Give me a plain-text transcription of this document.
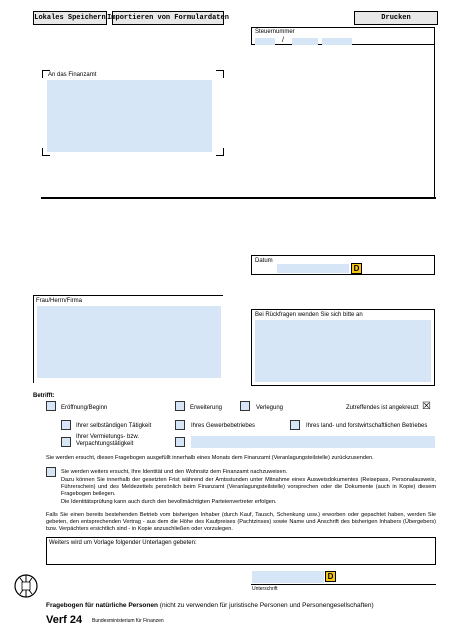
Lokales Speichern Importieren von Formulardaten	Drucken
Steuernummer
/
An das Finanzamt
Datum
D
Frau/Herrn/Firma
Bei Rückfragen wenden Sie sich bitte an
Betrifft:
Eröffnung/Beginn	Erweiterung	Verlegung	Zutreffendes ist angekreuzt ☒
Ihrer selbständigen Tätigkeit	Ihres Gewerbebetriebes	Ihres land- und forstwirtschaftlichen Betriebes
Ihrer Vermietungs- bzw. Verpachtungstätigkeit
Sie werden ersucht, diesen Fragebogen ausgefüllt innerhalb eines Monats dem Finanzamt (Veranlagungsteilstelle) zurückzusenden.
Sie werden weiters ersucht, Ihre Identität und den Wohnsitz dem Finanzamt nachzuweisen.
Dazu können Sie innerhalb der gesetzten Frist während der Amtsstunden unter Mitnahme eines Ausweisdokumentes (Reisepass, Personalausweis, Führerschein) und des Meldezettels persönlich beim Finanzamt (Veranlagungsteilstelle) vorsprechen oder die Dokumente (auch in Kopie) diesem Fragebogen beilegen.
Die Identitätsprüfung kann auch durch den bevollmächtigten Parteienvertreter erfolgen.
Falls Sie einen bereits bestehenden Betrieb vom bisherigen Inhaber (durch Kauf, Tausch, Schenkung usw.) erworben oder gepachtet haben, werden Sie gebeten, den entsprechenden Vertrag - aus dem die Höhe des Kaufpreises (Pachtzinses) sowie Name und Anschrift des bisherigen Inhabers (Übergebers) bzw. Verpächters ersichtlich sind - in Kopie anzuschließen oder vorzulegen.
Weiters wird um Vorlage folgender Unterlagen gebeten:
D
Unterschrift
Fragebogen für natürliche Personen (nicht zu verwenden für juristische Personen und Personengesellschaften)
Verf 24 Bundesministerium für Finanzen
